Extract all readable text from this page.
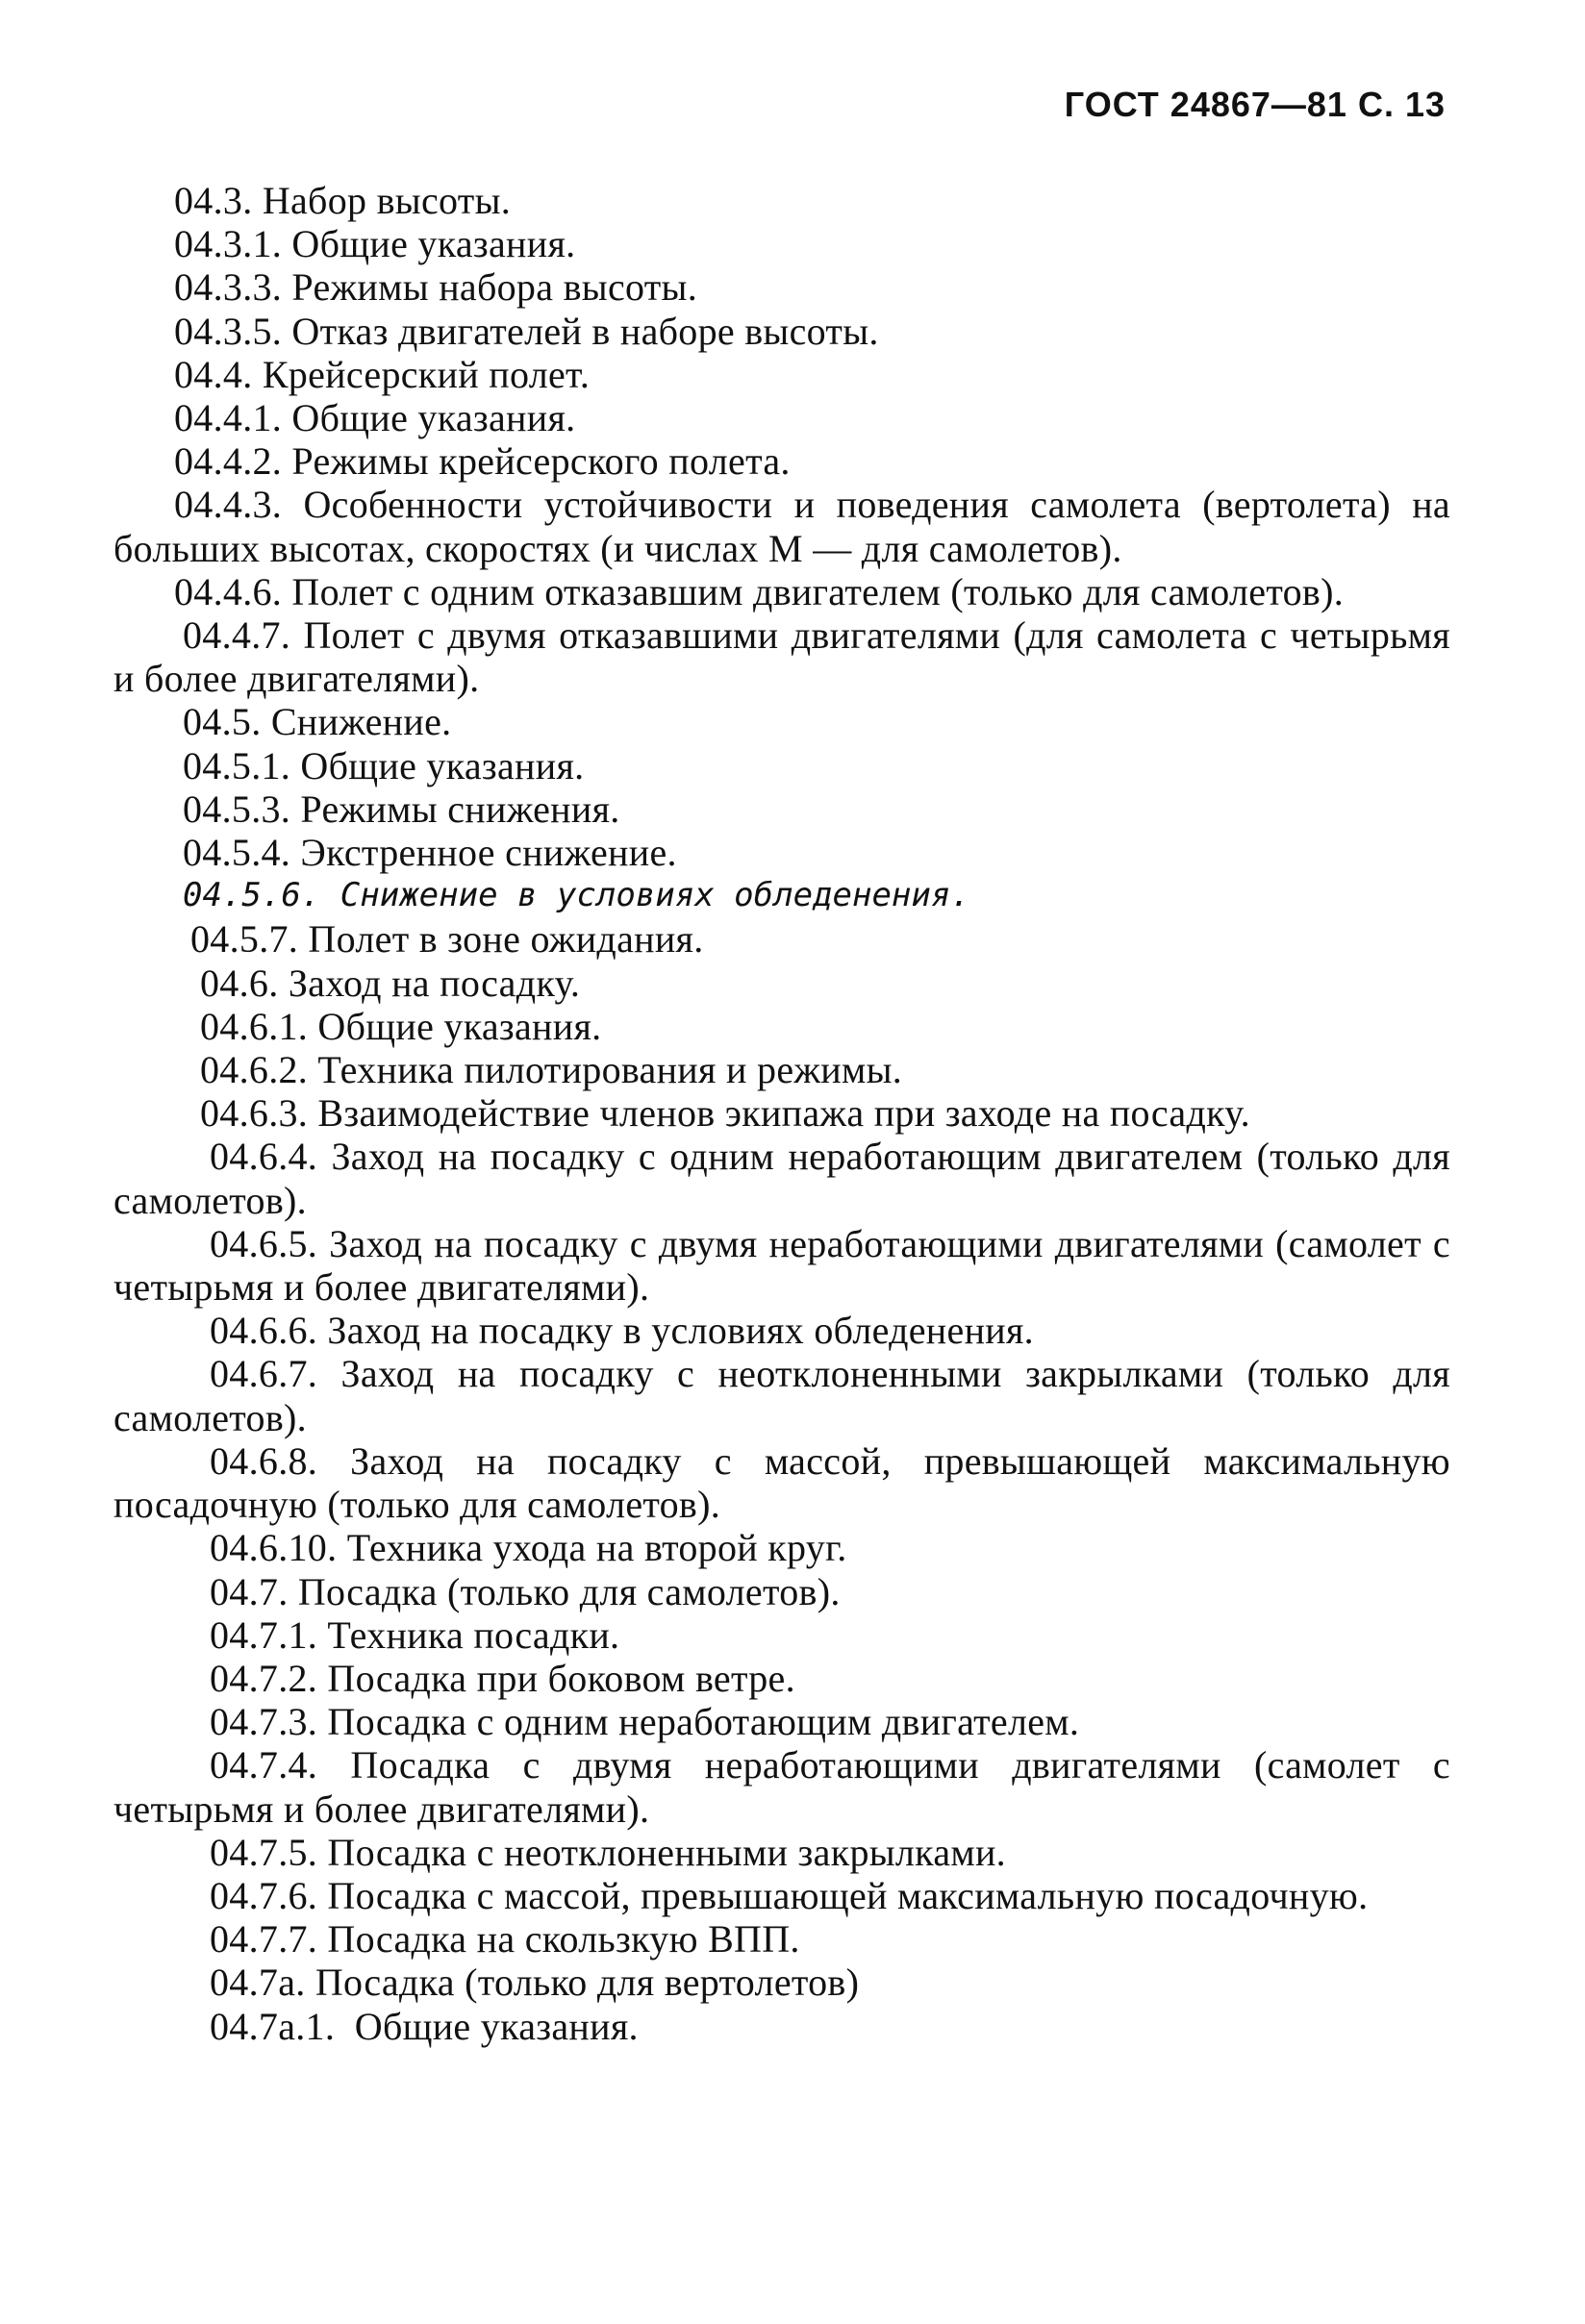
ГОСТ 24867—81 С. 13

04.3. Набор высоты.

04.3.1. Общие указания.

04.3.3. Режимы набора высоты.

04.3.5. Отказ двигателей в наборе высоты.

04.4. Крейсерский полет.

04.4.1. Общие указания.

04.4.2. Режимы крейсерского полета.

04.4.3. Особенности устойчивости и поведения самолета (вертолета) на больших высотах, скоростях (и числах М — для самолетов).

04.4.6. Полет с одним отказавшим двигателем (только для самолетов).

04.4.7. Полет с двумя отказавшими двигателями (для самолета с четырьмя и более двигателями).

04.5. Снижение.

04.5.1. Общие указания.

04.5.3. Режимы снижения.

04.5.4. Экстренное снижение.

04.5.6. Снижение в условиях обледенения.

04.5.7. Полет в зоне ожидания.

04.6. Заход на посадку.

04.6.1. Общие указания.

04.6.2. Техника пилотирования и режимы.

04.6.3. Взаимодействие членов экипажа при заходе на посадку.

04.6.4. Заход на посадку с одним неработающим двигателем (только для самолетов).

04.6.5. Заход на посадку с двумя неработающими двигателями (самолет с четырьмя и более двигателями).

04.6.6. Заход на посадку в условиях обледенения.

04.6.7. Заход на посадку с неотклоненными закрылками (только для самолетов).

04.6.8. Заход на посадку с массой, превышающей максимальную посадочную (только для самолетов).

04.6.10. Техника ухода на второй круг.

04.7. Посадка (только для самолетов).

04.7.1. Техника посадки.

04.7.2. Посадка при боковом ветре.

04.7.3. Посадка с одним неработающим двигателем.

04.7.4. Посадка с двумя неработающими двигателями (самолет с четырьмя и более двигателями).

04.7.5. Посадка с неотклоненными закрылками.

04.7.6. Посадка с массой, превышающей максимальную посадочную.

04.7.7. Посадка на скользкую ВПП.

04.7а. Посадка (только для вертолетов)

04.7а.1. Общие указания.
